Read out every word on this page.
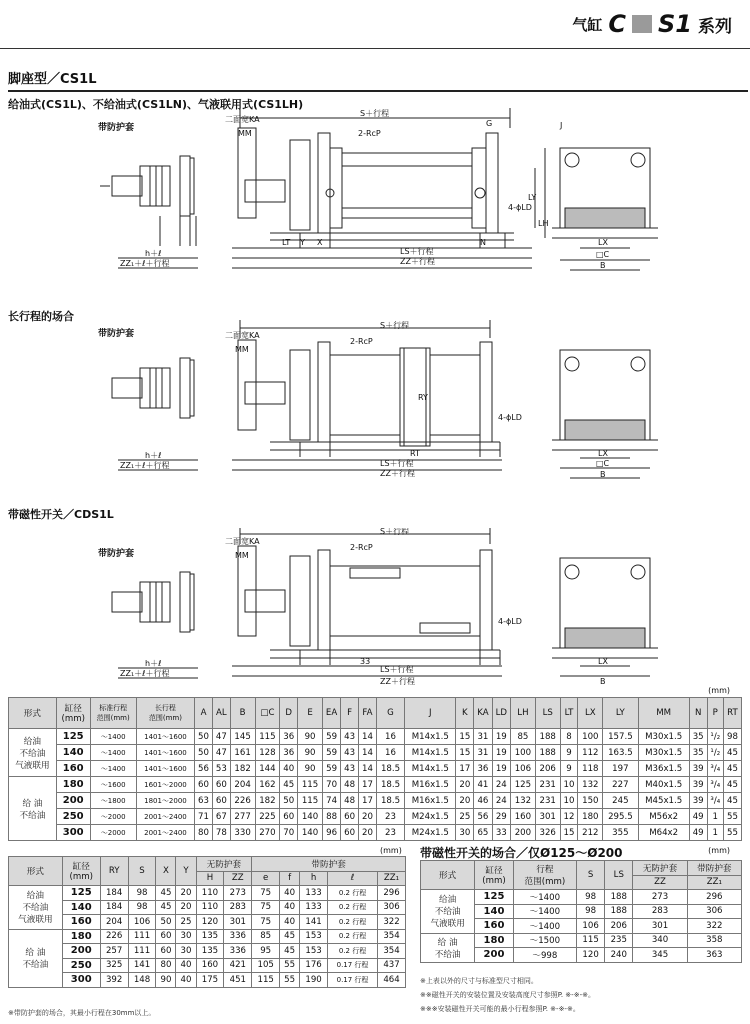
气缸 C S1 系列
脚座型／CS1L
给油式(CS1L)、不给油式(CS1LN)、气液联用式(CS1LH)
带防护套
S＋行程
二面宽KA
MM	2-RcP
4-ϕLD
LS＋行程
ZZ＋行程
ZZ₁＋ℓ＋行程
h＋ℓ
LX
□C
B
N
X
Y
LT
J
LH
LY
G
长行程的场合
带防护套
S＋行程
二面宽KA
MM
2-RcP
RY
RT
4-ϕLD
LS＋行程
ZZ＋行程
ZZ₁＋ℓ＋行程
h＋ℓ	LX
□C
B
带磁性开关／CDS1L
带防护套
S＋行程
二面宽KA
MM
2-RcP
4-ϕLD
33
LS＋行程
ZZ＋行程
ZZ₁＋ℓ＋行程
h＋ℓ	LX
B
(mm)
形式	缸径
(mm)	标准行程
范围(mm)	长行程
范围(mm)	A	AL	B	□C	D	E	EA	F	FA	G	J	K	KA	LD	LH	LS	LT	LX	LY	MM	N	P	RT
给油
不给油
气液联用	125	～1400	1401～1600	50	47	145	115	36	90	59	43	14	16	M14x1.5	15	31	19	85	188	8	100	157.5	M30x1.5	35	¹/₂	98
	140	～1400	1401～1600	50	47	161	128	36	90	59	43	14	16	M14x1.5	15	31	19	100	188	9	112	163.5	M30x1.5	35	¹/₂	45
	160	～1400	1401～1600	56	53	182	144	40	90	59	43	14	18.5	M14x1.5	17	36	19	106	206	9	118	197	M36x1.5	39	³/₄	45
给 油
不给油	180	～1600	1601～2000	60	60	204	162	45	115	70	48	17	18.5	M16x1.5	20	41	24	125	231	10	132	227	M40x1.5	39	³/₄	45
	200	～1800	1801～2000	63	60	226	182	50	115	74	48	17	18.5	M16x1.5	20	46	24	132	231	10	150	245	M45x1.5	39	³/₄	45
	250	～2000	2001～2400	71	67	277	225	60	140	88	60	20	23	M24x1.5	25	56	29	160	301	12	180	295.5	M56x2	49	1	55
	300	～2000	2001～2400	80	78	330	270	70	140	96	60	20	23	M24x1.5	30	65	33	200	326	15	212	355	M64x2	49	1	55
(mm)
形式	缸径
(mm)	RY	S	X	Y	无防护套		带防护套				
						H	ZZ	e	f	h	ℓ	ZZ₁
给油
不给油
气液联用	125	184	98	45	20	110	273	75	40	133	0.2 行程	296
	140	184	98	45	20	110	283	75	40	133	0.2 行程	306
	160	204	106	50	25	120	301	75	40	141	0.2 行程	322
给 油
不给油	180	226	111	60	30	135	336	85	45	153	0.2 行程	354
	200	257	111	60	30	135	336	95	45	153	0.2 行程	354
	250	325	141	80	40	160	421	105	55	176	0.17 行程	437
	300	392	148	90	40	175	451	115	55	190	0.17 行程	464
※带防护套的场合，其最小行程在30mm以上。
带磁性开关的场合／仅Ø125～Ø200	(mm)
形式	缸径
(mm)	行程
范围(mm)	S	LS	无防护套	带防护套
					ZZ	ZZ₁
给油
不给油
气液联用	125	～1400	98	188	273	296
	140	～1400	98	188	283	306
	160	～1400	106	206	301	322
给 油
不给油	180	～1500	115	235	340	358
	200	～998	120	240	345	363
※上表以外的尺寸与标准型尺寸相同。
※※磁性开关的安装位置及安装高度尺寸参照P. ※-※-※。
※※※安装磁性开关可能的最小行程参照P. ※-※-※。
